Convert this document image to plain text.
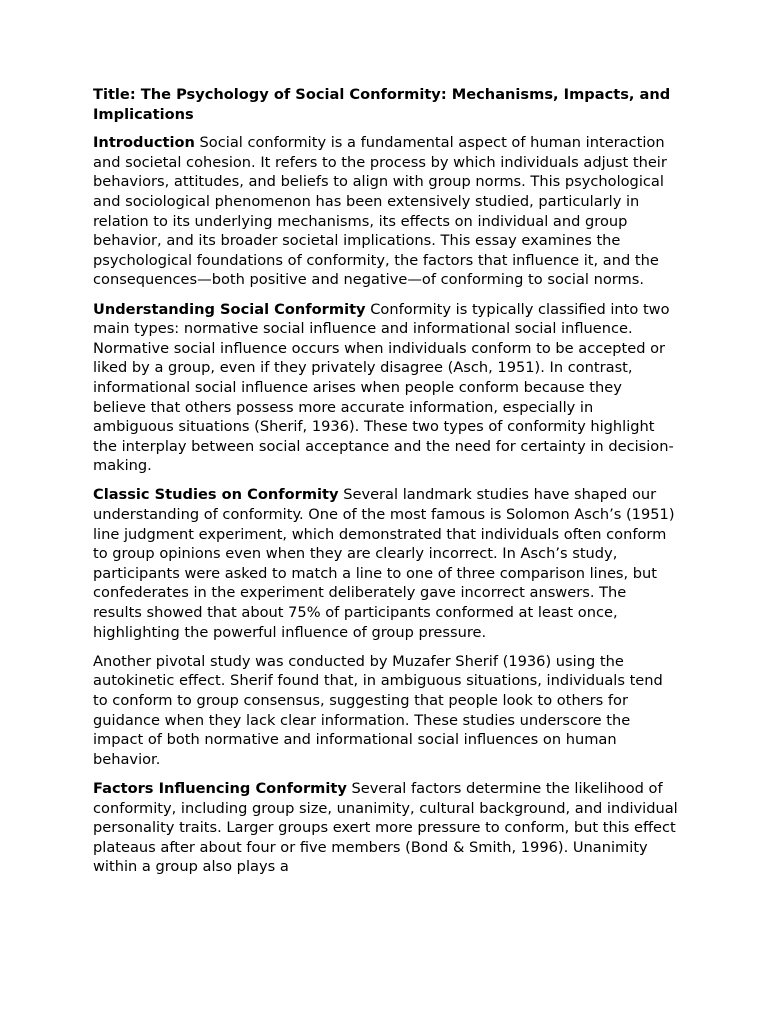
Title: The Psychology of Social Conformity: Mechanisms, Impacts, and Implications

Introduction Social conformity is a fundamental aspect of human interaction and societal cohesion. It refers to the process by which individuals adjust their behaviors, attitudes, and beliefs to align with group norms. This psychological and sociological phenomenon has been extensively studied, particularly in relation to its underlying mechanisms, its effects on individual and group behavior, and its broader societal implications. This essay examines the psychological foundations of conformity, the factors that influence it, and the consequences—both positive and negative—of conforming to social norms.

Understanding Social Conformity Conformity is typically classified into two main types: normative social influence and informational social influence. Normative social influence occurs when individuals conform to be accepted or liked by a group, even if they privately disagree (Asch, 1951). In contrast, informational social influence arises when people conform because they believe that others possess more accurate information, especially in ambiguous situations (Sherif, 1936). These two types of conformity highlight the interplay between social acceptance and the need for certainty in decision-making.

Classic Studies on Conformity Several landmark studies have shaped our understanding of conformity. One of the most famous is Solomon Asch’s (1951) line judgment experiment, which demonstrated that individuals often conform to group opinions even when they are clearly incorrect. In Asch’s study, participants were asked to match a line to one of three comparison lines, but confederates in the experiment deliberately gave incorrect answers. The results showed that about 75% of participants conformed at least once, highlighting the powerful influence of group pressure.

Another pivotal study was conducted by Muzafer Sherif (1936) using the autokinetic effect. Sherif found that, in ambiguous situations, individuals tend to conform to group consensus, suggesting that people look to others for guidance when they lack clear information. These studies underscore the impact of both normative and informational social influences on human behavior.

Factors Influencing Conformity Several factors determine the likelihood of conformity, including group size, unanimity, cultural background, and individual personality traits. Larger groups exert more pressure to conform, but this effect plateaus after about four or five members (Bond & Smith, 1996). Unanimity within a group also plays a
